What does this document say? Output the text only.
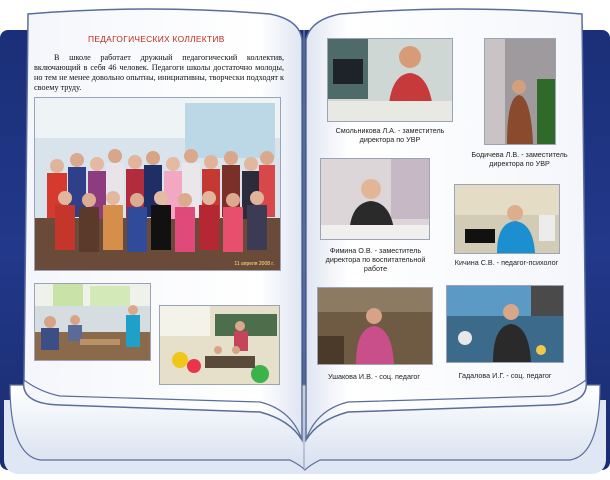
ПЕДАГОГИЧЕСКИХ КОЛЛЕКТИВ
В школе работает дружный педагогический коллектив, включающий в себя 46 человек. Педагоги школы достаточно молоды, но тем не менее довольно опытны, инициативны, творчески подходят к своему труду.
11 апреля 2008 г.
Смольникова Л.А. - заместитель директора по УВР
Бодичева Л.В. - заместитель директора по УВР
Фимина О.В. - заместитель директора по воспитательной работе
Кичина С.В. - педагог-психолог
Ушакова И.В. - соц. педагог	Гадалова И.Г. - соц. педагог
